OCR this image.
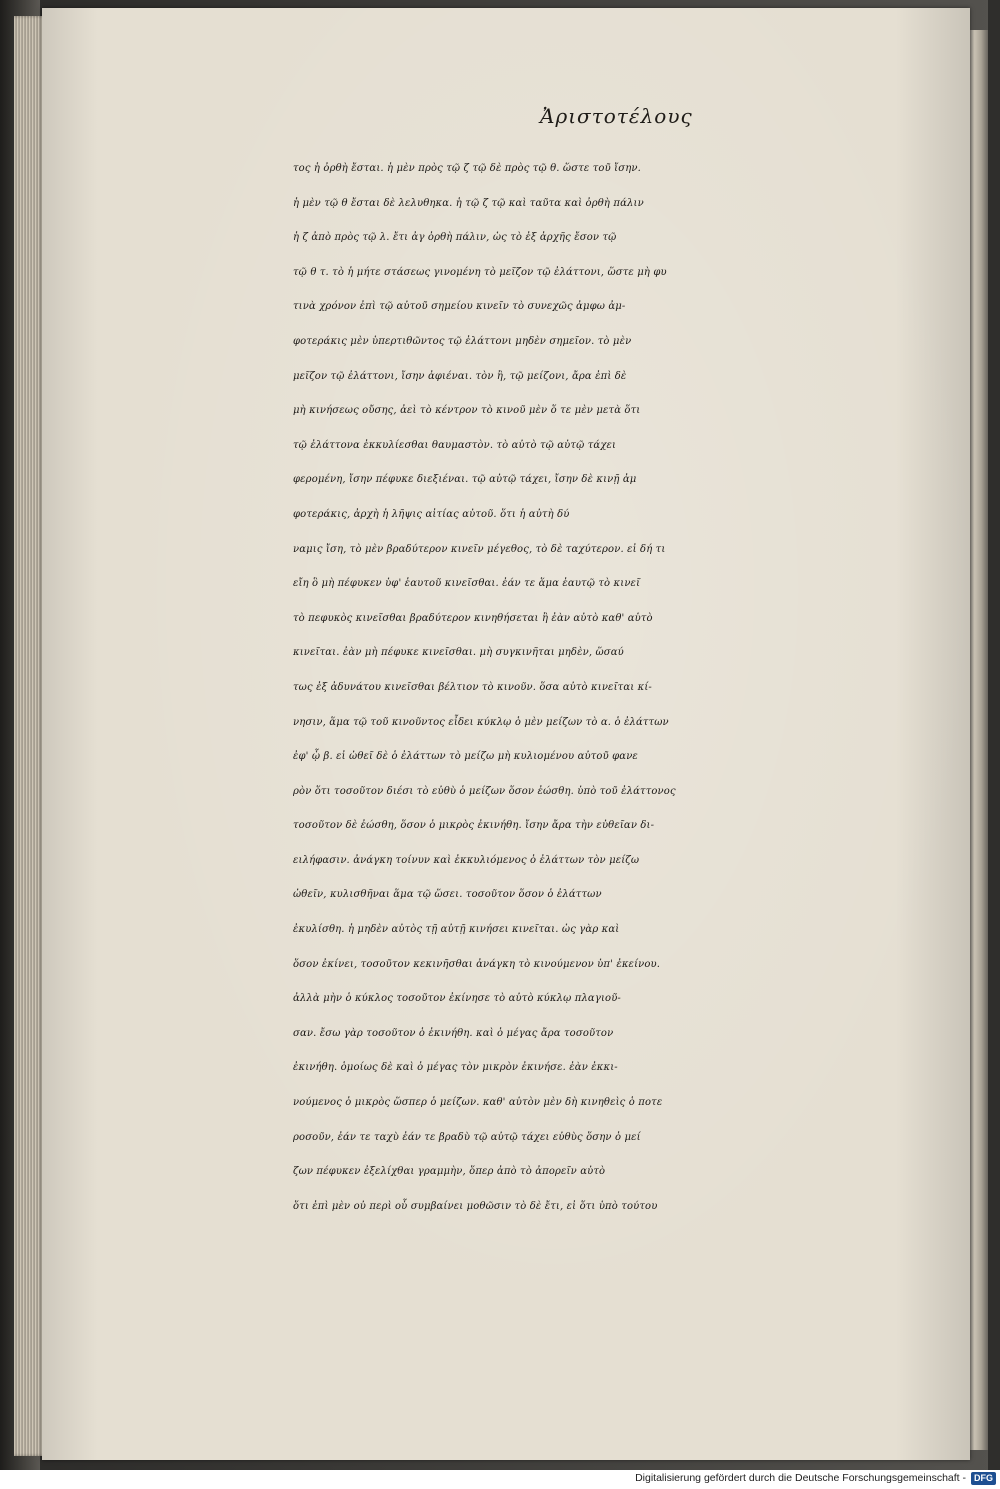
Ἀριστοτέλους
τος ἡ ὀρθὴ ἔσται. ἡ μὲν πρὸς τῷ ζ τῷ δὲ πρὸς τῷ θ. ὥστε τοῦ ἴσην.
ἡ μὲν τῷ θ ἔσται δὲ λελυθηκα. ἡ τῷ ζ τῷ καὶ ταῦτα καὶ ὀρθὴ πάλιν
ἡ ζ ἀπὸ πρὸς τῷ λ. ἔτι ἀγ ὀρθὴ πάλιν, ὡς τὸ ἐξ ἀρχῆς ἔσον τῷ
τῷ θ τ. τὸ ἡ μήτε στάσεως γινομένη τὸ μεῖζον τῷ ἐλάττονι, ὥστε μὴ φυ
τινὰ χρόνον ἐπὶ τῷ αὐτοῦ σημείου κινεῖν τὸ συνεχῶς ἀμφω ἀμ-
φοτεράκις μὲν ὑπερτιθῶντος τῷ ἐλάττονι μηδὲν σημεῖον. τὸ μὲν
μεῖζον τῷ ἐλάττονι, ἴσην ἀφιέναι. τὸν ἢ, τῷ μείζονι, ἄρα ἐπὶ δὲ
μὴ κινήσεως οὔσης, ἀεὶ τὸ κέντρον τὸ κινοῦ μὲν ὅ τε μὲν μετὰ ὅτι
τῷ ἐλάττονα ἐκκυλίεσθαι θαυμαστὸν. τὸ αὐτὸ τῷ αὐτῷ τάχει
φερομένη, ἴσην πέφυκε διεξιέναι. τῷ αὐτῷ τάχει, ἴσην δὲ κινῇ ἀμ
φοτεράκις, ἀρχὴ ἡ λῆψις αἰτίας αὐτοῦ. ὅτι ἡ αὐτὴ δύ
ναμις ἴση, τὸ μὲν βραδύτερον κινεῖν μέγεθος, τὸ δὲ ταχύτερον. εἰ δή τι
εἴη ὃ μὴ πέφυκεν ὑφ' ἑαυτοῦ κινεῖσθαι. ἐάν τε ἅμα ἑαυτῷ τὸ κινεῖ
τὸ πεφυκὸς κινεῖσθαι βραδύτερον κινηθήσεται ἢ ἐὰν αὐτὸ καθ' αὑτὸ
κινεῖται. ἐὰν μὴ πέφυκε κινεῖσθαι. μὴ συγκινῆται μηδὲν, ὥσαύ
τως ἐξ ἀδυνάτου κινεῖσθαι βέλτιον τὸ κινοῦν. ὅσα αὐτὸ κινεῖται κί-
νησιν, ἅμα τῷ τοῦ κινοῦντος εἶδει κύκλῳ ὁ μὲν μείζων τὸ α. ὁ ἐλάττων
ἐφ' ᾧ β. εἰ ὠθεῖ δὲ ὁ ἐλάττων τὸ μείζω μὴ κυλιομένου αὐτοῦ φανε
ρὸν ὅτι τοσοῦτον διέσι τὸ εὐθὺ ὁ μείζων ὅσον ἐώσθη. ὑπὸ τοῦ ἐλάττονος
τοσοῦτον δὲ ἐώσθη, ὅσον ὁ μικρὸς ἐκινήθη. ἴσην ἄρα τὴν εὐθεῖαν δι-
ειλήφασιν. ἀνάγκη τοίνυν καὶ ἐκκυλιόμενος ὁ ἐλάττων τὸν μείζω
ὠθεῖν, κυλισθῆναι ἅμα τῷ ὥσει. τοσοῦτον ὅσον ὁ ἐλάττων
ἐκυλίσθη. ἡ μηδὲν αὐτὸς τῇ αὐτῇ κινήσει κινεῖται. ὡς γὰρ καὶ
ὅσον ἐκίνει, τοσοῦτον κεκινῆσθαι ἀνάγκη τὸ κινούμενον ὑπ' ἐκείνου.
ἀλλὰ μὴν ὁ κύκλος τοσοῦτον ἐκίνησε τὸ αὐτὸ κύκλῳ πλαγιοῦ-
σαν. ἔσω γὰρ τοσοῦτον ὁ ἐκινήθη. καὶ ὁ μέγας ἄρα τοσοῦτον
ἐκινήθη. ὁμοίως δὲ καὶ ὁ μέγας τὸν μικρὸν ἐκινήσε. ἐὰν ἐκκι-
νούμενος ὁ μικρὸς ὥσπερ ὁ μείζων. καθ' αὑτὸν μὲν δὴ κινηθεὶς ὁ ποτε
ροσοῦν, ἐάν τε ταχὺ ἐάν τε βραδὺ τῷ αὐτῷ τάχει εὐθὺς ὅσην ὁ μεί
ζων πέφυκεν ἐξελίχθαι γραμμὴν, ὅπερ ἀπὸ τὸ ἀπορεῖν αὐτὸ
ὅτι ἐπὶ μὲν οὐ περὶ οὗ συμβαίνει μοθῶσιν τὸ δὲ ἔτι, εἰ ὅτι ὑπὸ τούτου
Digitalisierung gefördert durch die Deutsche Forschungsgemeinschaft - DFG
